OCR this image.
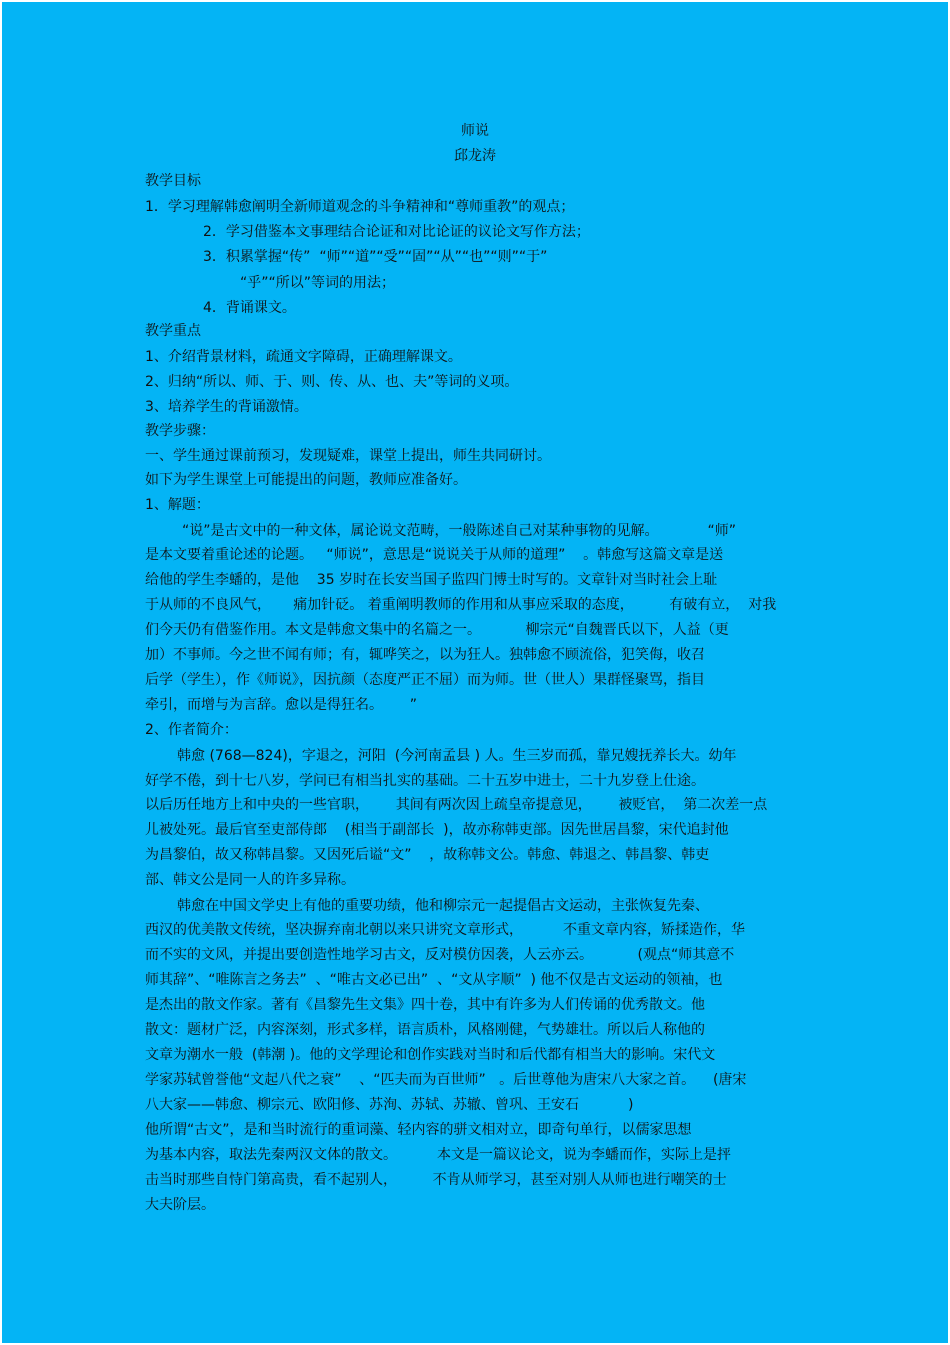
师说
邱龙涛
教学目标
1．学习理解韩愈阐明全新师道观念的斗争精神和“尊师重教”的观点；
2．学习借鉴本文事理结合论证和对比论证的议论文写作方法；
3．积累掌握“传”  “师”“道”“受”“固”“从”“也”“则”“于”
“乎”“所以”等词的用法；
4．背诵课文。
教学重点
1、介绍背景材料，疏通文字障碍，正确理解课文。
2、归纳“所以、师、于、则、传、从、也、夫”等词的义项。
3、培养学生的背诵激情。
教学步骤：
一、学生通过课前预习，发现疑难，课堂上提出，师生共同研讨。
如下为学生课堂上可能提出的问题，教师应准备好。
1、解题：
“说”是古文中的一种文体，属论说文范畴，一般陈述自己对某种事物的见解。           “师”
是本文要着重论述的论题。   “师说”，意思是“说说关于从师的道理”    。韩愈写这篇文章是送
给他的学生李蟠的，是他    35 岁时在长安当国子监四门博士时写的。文章针对当时社会上耻
于从师的不良风气，     痛加针砭。 着重阐明教师的作用和从事应采取的态度，        有破有立，  对我
们今天仍有借鉴作用。本文是韩愈文集中的名篇之一。          柳宗元“自魏晋氏以下，人益（更
加）不事师。今之世不闻有师；有，辄哗笑之，以为狂人。独韩愈不顾流俗，犯笑侮，收召
后学（学生），作《师说》，因抗颜（态度严正不屈）而为师。世（世人）果群怪聚骂，指目
牵引，而增与为言辞。愈以是得狂名。      ”
2、作者简介：
韩愈 (768—824)，字退之，河阳  (今河南孟县 ) 人。生三岁而孤，靠兄嫂抚养长大。幼年
好学不倦，到十七八岁，学问已有相当扎实的基础。二十五岁中进士，二十九岁登上仕途。
以后历任地方上和中央的一些官职，      其间有两次因上疏皇帝提意见，      被贬官，  第二次差一点
儿被处死。最后官至吏部侍郎    (相当于副部长  )，故亦称韩吏部。因先世居昌黎，宋代追封他
为昌黎伯，故又称韩昌黎。又因死后谥“文”    ，故称韩文公。韩愈、韩退之、韩昌黎、韩吏
部、韩文公是同一人的许多异称。
韩愈在中国文学史上有他的重要功绩，他和柳宗元一起提倡古文运动，主张恢复先秦、
西汉的优美散文传统，坚决摒弃南北朝以来只讲究文章形式，         不重文章内容，矫揉造作，华
而不实的文风，并提出要创造性地学习古文，反对模仿因袭，人云亦云。          (观点“师其意不
师其辞”、“唯陈言之务去”  、“唯古文必已出”  、“文从字顺”  ) 他不仅是古文运动的领袖，也
是杰出的散文作家。著有《昌黎先生文集》四十卷，其中有许多为人们传诵的优秀散文。他
散文：题材广泛，内容深刻，形式多样，语言质朴，风格刚健，气势雄壮。所以后人称他的
文章为潮水一般  (韩潮 )。他的文学理论和创作实践对当时和后代都有相当大的影响。宋代文
学家苏轼曾誉他“文起八代之衰”    、“匹夫而为百世师”   。后世尊他为唐宋八大家之首。    (唐宋
八大家——韩愈、柳宗元、欧阳修、苏洵、苏轼、苏辙、曾巩、王安石           )
他所谓“古文”，是和当时流行的重词藻、轻内容的骈文相对立，即奇句单行，以儒家思想
为基本内容，取法先秦两汉文体的散文。         本文是一篇议论文，说为李蟠而作，实际上是抨
击当时那些自恃门第高贵，看不起别人，        不肯从师学习，甚至对别人从师也进行嘲笑的士
大夫阶层。
